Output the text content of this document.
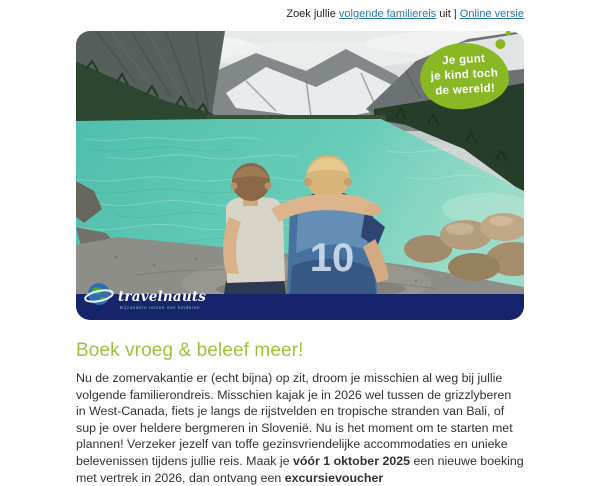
Zoek jullie volgende familiereis uit | Online versie
10
Je gunt
je kind toch
de wereld!
travelnauts
Bijzondere reizen met kinderen
Boek vroeg & beleef meer!

Nu de zomervakantie er (echt bijna) op zit, droom je misschien al weg bij jullie volgende familierondreis. Misschien kajak je in 2026 wel tussen de grizzlyberen in West-Canada, fiets je langs de rijstvelden en tropische stranden van Bali, of sup je over heldere bergmeren in Slovenië. Nu is het moment om te starten met plannen! Verzeker jezelf van toffe gezinsvriendelijke accommodaties en unieke belevenissen tijdens jullie reis. Maak je vóór 1 oktober 2025 een nieuwe boeking met vertrek in 2026, dan ontvang een excursievoucher
